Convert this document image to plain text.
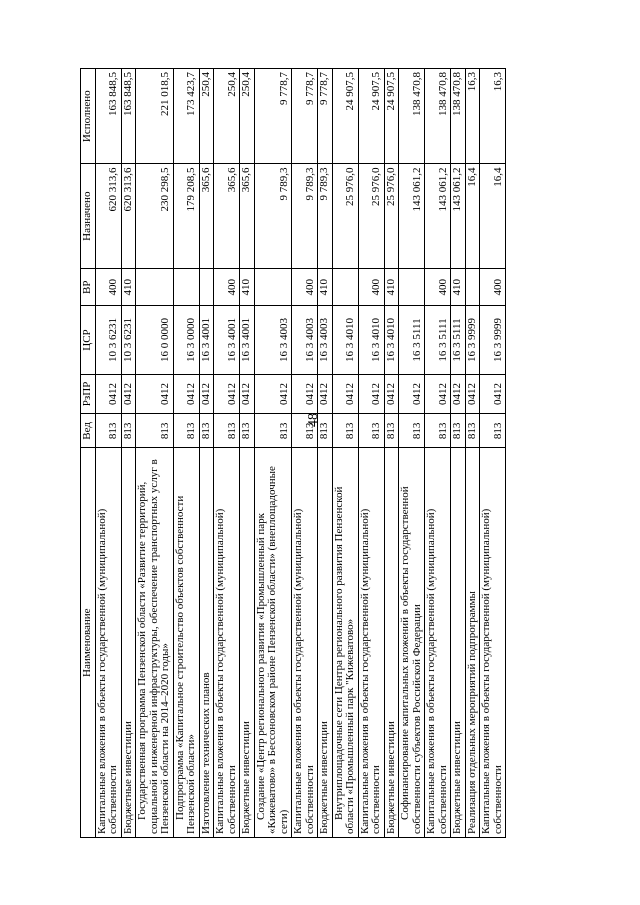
48
Наименование	Вед	РзПР	ЦСР	ВР	Назначено	Исполнено
Капитальные вложения в объекты государственной (муниципальной) собственности	813	0412	10 3 6231	400	620 313,6	163 848,5
Бюджетные инвестиции	813	0412	10 3 6231	410	620 313,6	163 848,5
Государственная программа Пензенской области «Развитие территорий, социальной и инженерной инфраструктуры, обеспечение транспортных услуг в Пензенской области на 2014–2020 годы»	813	0412	16 0 0000		230 298,5	221 018,5
Подпрограмма «Капитальное строительство объектов собственности Пензенской области»	813	0412	16 3 0000		179 208,5	173 423,7
Изготовление технических планов	813	0412	16 3 4001		365,6	250,4
Капитальные вложения в объекты государственной (муниципальной) собственности	813	0412	16 3 4001	400	365,6	250,4
Бюджетные инвестиции	813	0412	16 3 4001	410	365,6	250,4
Создание «Центр регионального развития «Промышленный парк «Кижеватово» в Бессоновском районе Пензенской области» (внеплощадочные сети)	813	0412	16 3 4003		9 789,3	9 778,7
Капитальные вложения в объекты государственной (муниципальной) собственности	813	0412	16 3 4003	400	9 789,3	9 778,7
Бюджетные инвестиции	813	0412	16 3 4003	410	9 789,3	9 778,7
Внутриплощадочные сети Центра регионального развития Пензенской области «Промышленный парк "Кижеватово»	813	0412	16 3 4010		25 976,0	24 907,5
Капитальные вложения в объекты государственной (муниципальной) собственности	813	0412	16 3 4010	400	25 976,0	24 907,5
Бюджетные инвестиции	813	0412	16 3 4010	410	25 976,0	24 907,5
Софинансирование капитальных вложений в объекты государственной собственности субъектов Российской Федерации	813	0412	16 3 5111		143 061,2	138 470,8
Капитальные вложения в объекты государственной (муниципальной) собственности	813	0412	16 3 5111	400	143 061,2	138 470,8
Бюджетные инвестиции	813	0412	16 3 5111	410	143 061,2	138 470,8
Реализация отдельных мероприятий подпрограммы	813	0412	16 3 9999		16,4	16,3
Капитальные вложения в объекты государственной (муниципальной) собственности	813	0412	16 3 9999	400	16,4	16,3
